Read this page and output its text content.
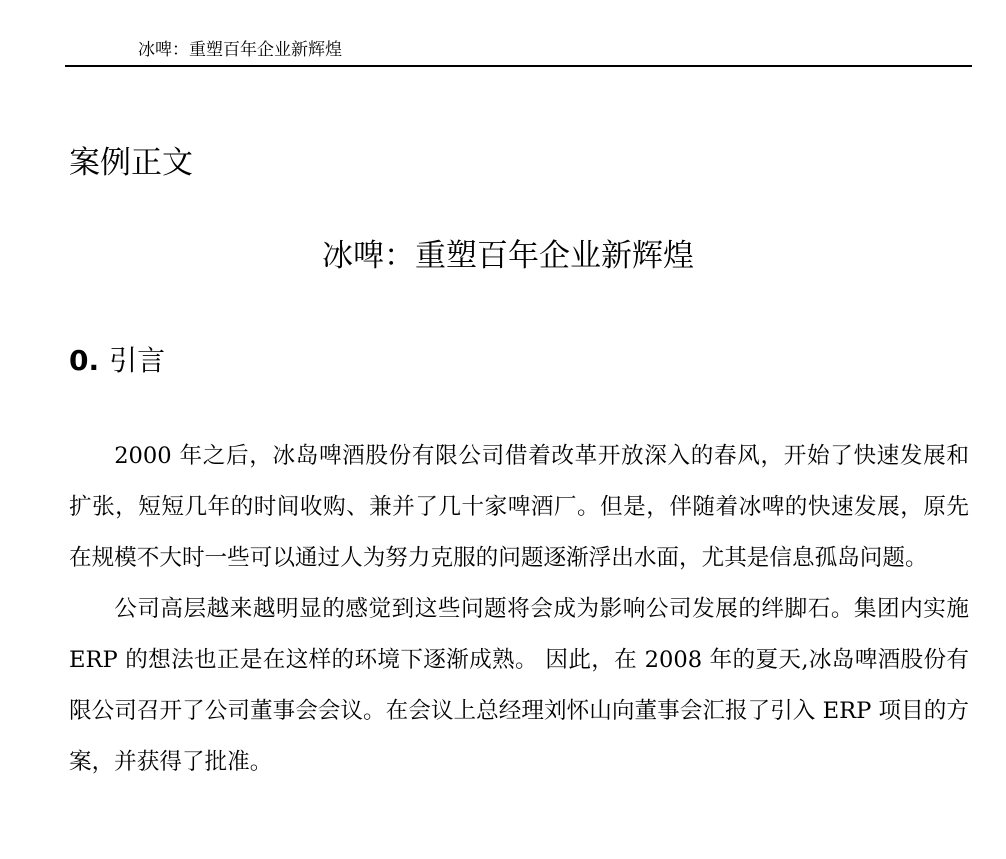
冰啤：重塑百年企业新辉煌
案例正文
冰啤：重塑百年企业新辉煌
0. 引言

2000 年之后，冰岛啤酒股份有限公司借着改革开放深入的春风，开始了快速发展和扩张，短短几年的时间收购、兼并了几十家啤酒厂。但是，伴随着冰啤的快速发展，原先在规模不大时一些可以通过人为努力克服的问题逐渐浮出水面，尤其是信息孤岛问题。

公司高层越来越明显的感觉到这些问题将会成为影响公司发展的绊脚石。集团内实施 ERP 的想法也正是在这样的环境下逐渐成熟。 因此，在 2008 年的夏天,冰岛啤酒股份有限公司召开了公司董事会会议。在会议上总经理刘怀山向董事会汇报了引入 ERP 项目的方案，并获得了批准。
